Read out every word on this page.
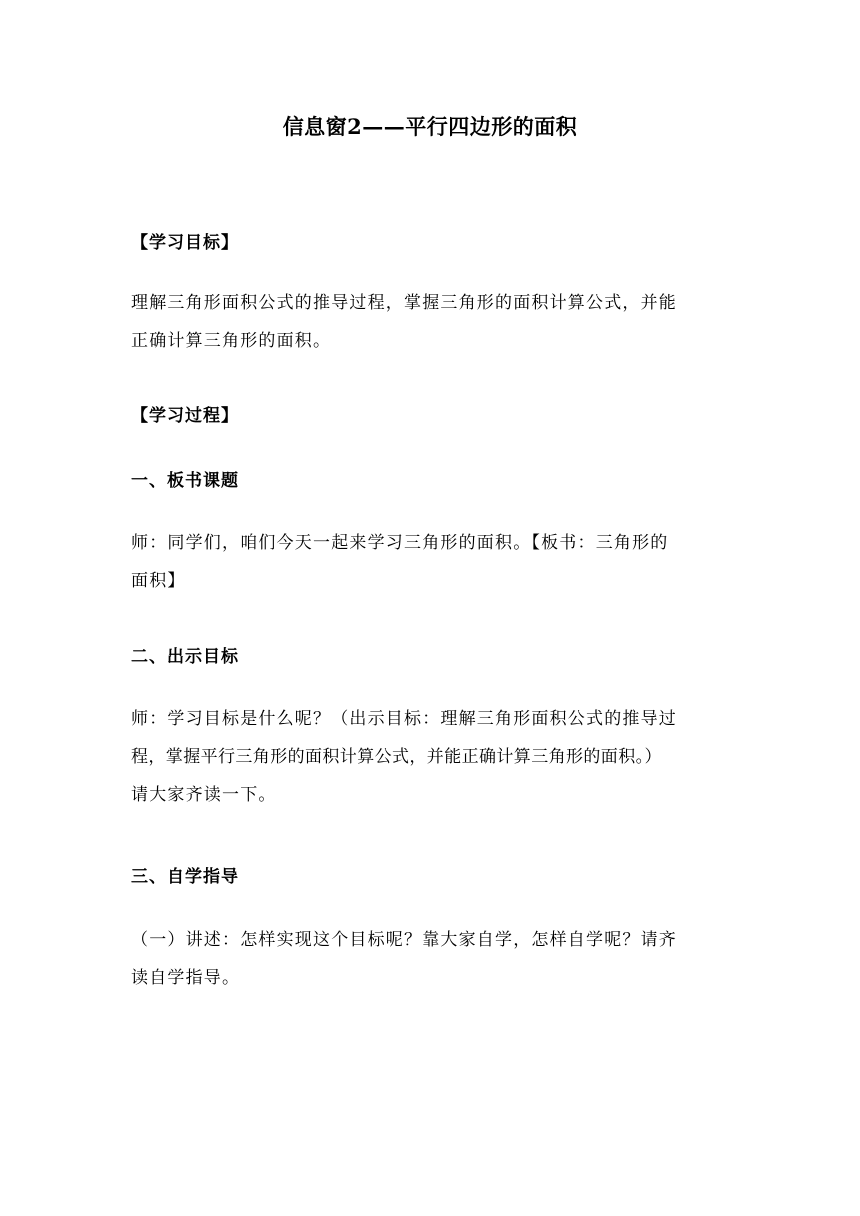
信息窗2——平行四边形的面积
【学习目标】
理解三角形面积公式的推导过程，掌握三角形的面积计算公式，并能
正确计算三角形的面积。
【学习过程】
一、板书课题
师：同学们，咱们今天一起来学习三角形的面积。【板书：三角形的
面积】
二、出示目标
师：学习目标是什么呢？（出示目标：理解三角形面积公式的推导过
程，掌握平行三角形的面积计算公式，并能正确计算三角形的面积。）
请大家齐读一下。
三、自学指导
（一）讲述：怎样实现这个目标呢？靠大家自学，怎样自学呢？请齐
读自学指导。
